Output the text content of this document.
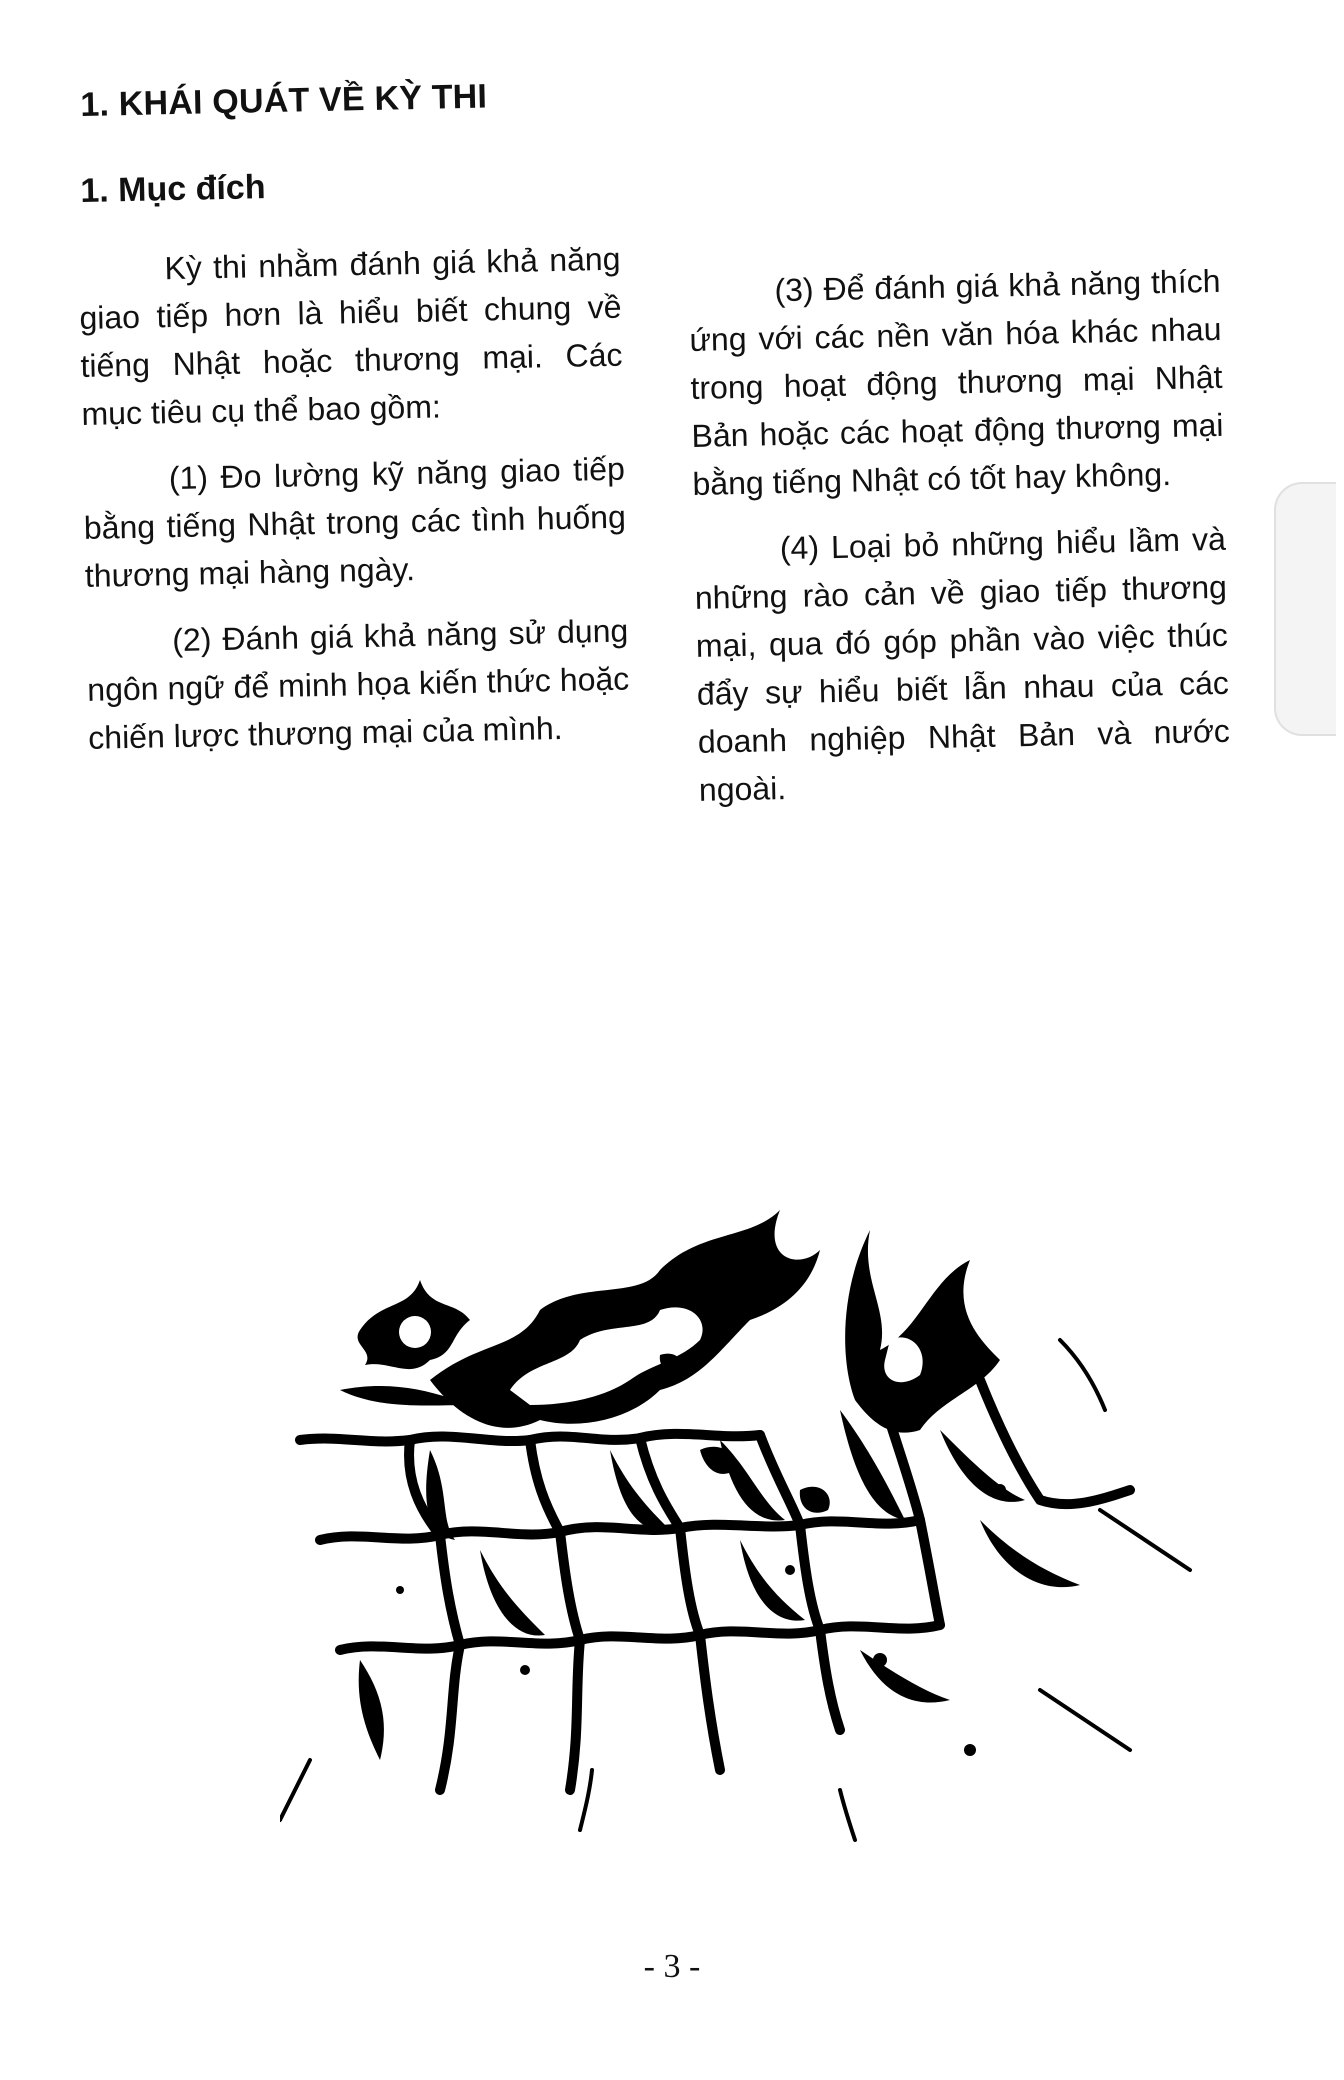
1. KHÁI QUÁT VỀ KỲ THI
1. Mục đích

Kỳ thi nhằm đánh giá khả năng giao tiếp hơn là hiểu biết chung về tiếng Nhật hoặc thương mại. Các mục tiêu cụ thể bao gồm:

(1) Đo lường kỹ năng giao tiếp bằng tiếng Nhật trong các tình huống thương mại hàng ngày.

(2) Đánh giá khả năng sử dụng ngôn ngữ để minh họa kiến thức hoặc chiến lược thương mại của mình.

(3) Để đánh giá khả năng thích ứng với các nền văn hóa khác nhau trong hoạt động thương mại Nhật Bản hoặc các hoạt động thương mại bằng tiếng Nhật có tốt hay không.

(4) Loại bỏ những hiểu lầm và những rào cản về giao tiếp thương mại, qua đó góp phần vào việc thúc đẩy sự hiểu biết lẫn nhau của các doanh nghiệp Nhật Bản và nước ngoài.

- 3 -
